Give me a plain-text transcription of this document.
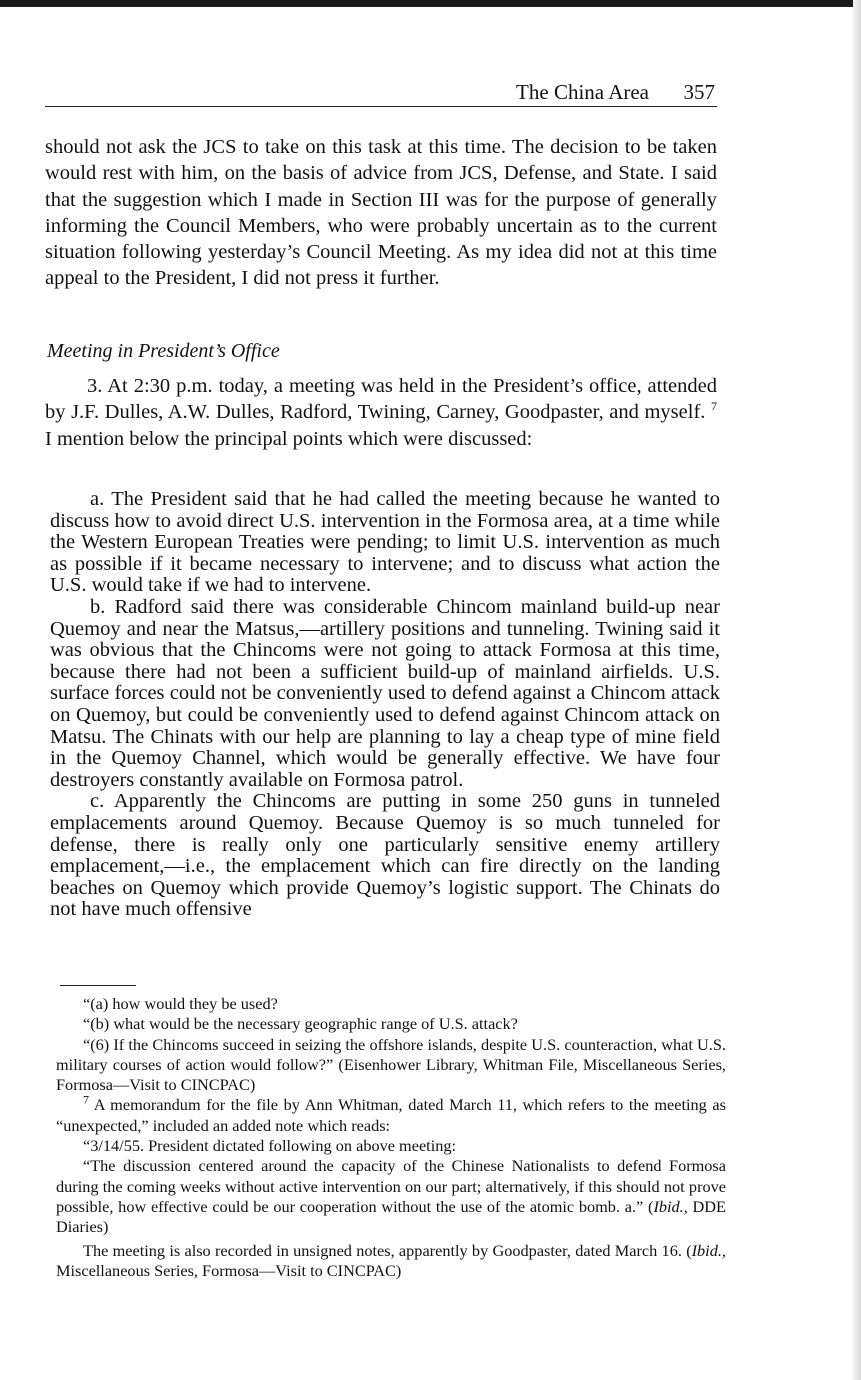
The China Area 357

should not ask the JCS to take on this task at this time. The decision to be taken would rest with him, on the basis of advice from JCS, Defense, and State. I said that the suggestion which I made in Section III was for the purpose of generally informing the Council Members, who were probably uncertain as to the current situation following yesterday’s Council Meeting. As my idea did not at this time appeal to the President, I did not press it further.

Meeting in President’s Office

3. At 2:30 p.m. today, a meeting was held in the President’s office, attended by J.F. Dulles, A.W. Dulles, Radford, Twining, Carney, Goodpaster, and myself. $^7$ I mention below the principal points which were discussed:

a. The President said that he had called the meeting because he wanted to discuss how to avoid direct U.S. intervention in the Formosa area, at a time while the Western European Treaties were pending; to limit U.S. intervention as much as possible if it became necessary to intervene; and to discuss what action the U.S. would take if we had to intervene.

b. Radford said there was considerable Chincom mainland build-up near Quemoy and near the Matsus,—artillery positions and tunneling. Twining said it was obvious that the Chincoms were not going to attack Formosa at this time, because there had not been a sufficient build-up of mainland airfields. U.S. surface forces could not be conveniently used to defend against a Chincom attack on Quemoy, but could be conveniently used to defend against Chincom attack on Matsu. The Chinats with our help are planning to lay a cheap type of mine field in the Quemoy Channel, which would be generally effective. We have four destroyers constantly available on Formosa patrol.

c. Apparently the Chincoms are putting in some 250 guns in tunneled emplacements around Quemoy. Because Quemoy is so much tunneled for defense, there is really only one particularly sensitive enemy artillery emplacement,—i.e., the emplacement which can fire directly on the landing beaches on Quemoy which provide Quemoy’s logistic support. The Chinats do not have much offensive

“(a) how would they be used?

“(b) what would be the necessary geographic range of U.S. attack?

“(6) If the Chincoms succeed in seizing the offshore islands, despite U.S. counteraction, what U.S. military courses of action would follow?” (Eisenhower Library, Whitman File, Miscellaneous Series, Formosa—Visit to CINCPAC)

$^7$ A memorandum for the file by Ann Whitman, dated March 11, which refers to the meeting as “unexpected,” included an added note which reads:

“3/14/55. President dictated following on above meeting:

“The discussion centered around the capacity of the Chinese Nationalists to defend Formosa during the coming weeks without active intervention on our part; alternatively, if this should not prove possible, how effective could be our cooperation without the use of the atomic bomb. a.” (Ibid., DDE Diaries)

The meeting is also recorded in unsigned notes, apparently by Goodpaster, dated March 16. (Ibid., Miscellaneous Series, Formosa—Visit to CINCPAC)
